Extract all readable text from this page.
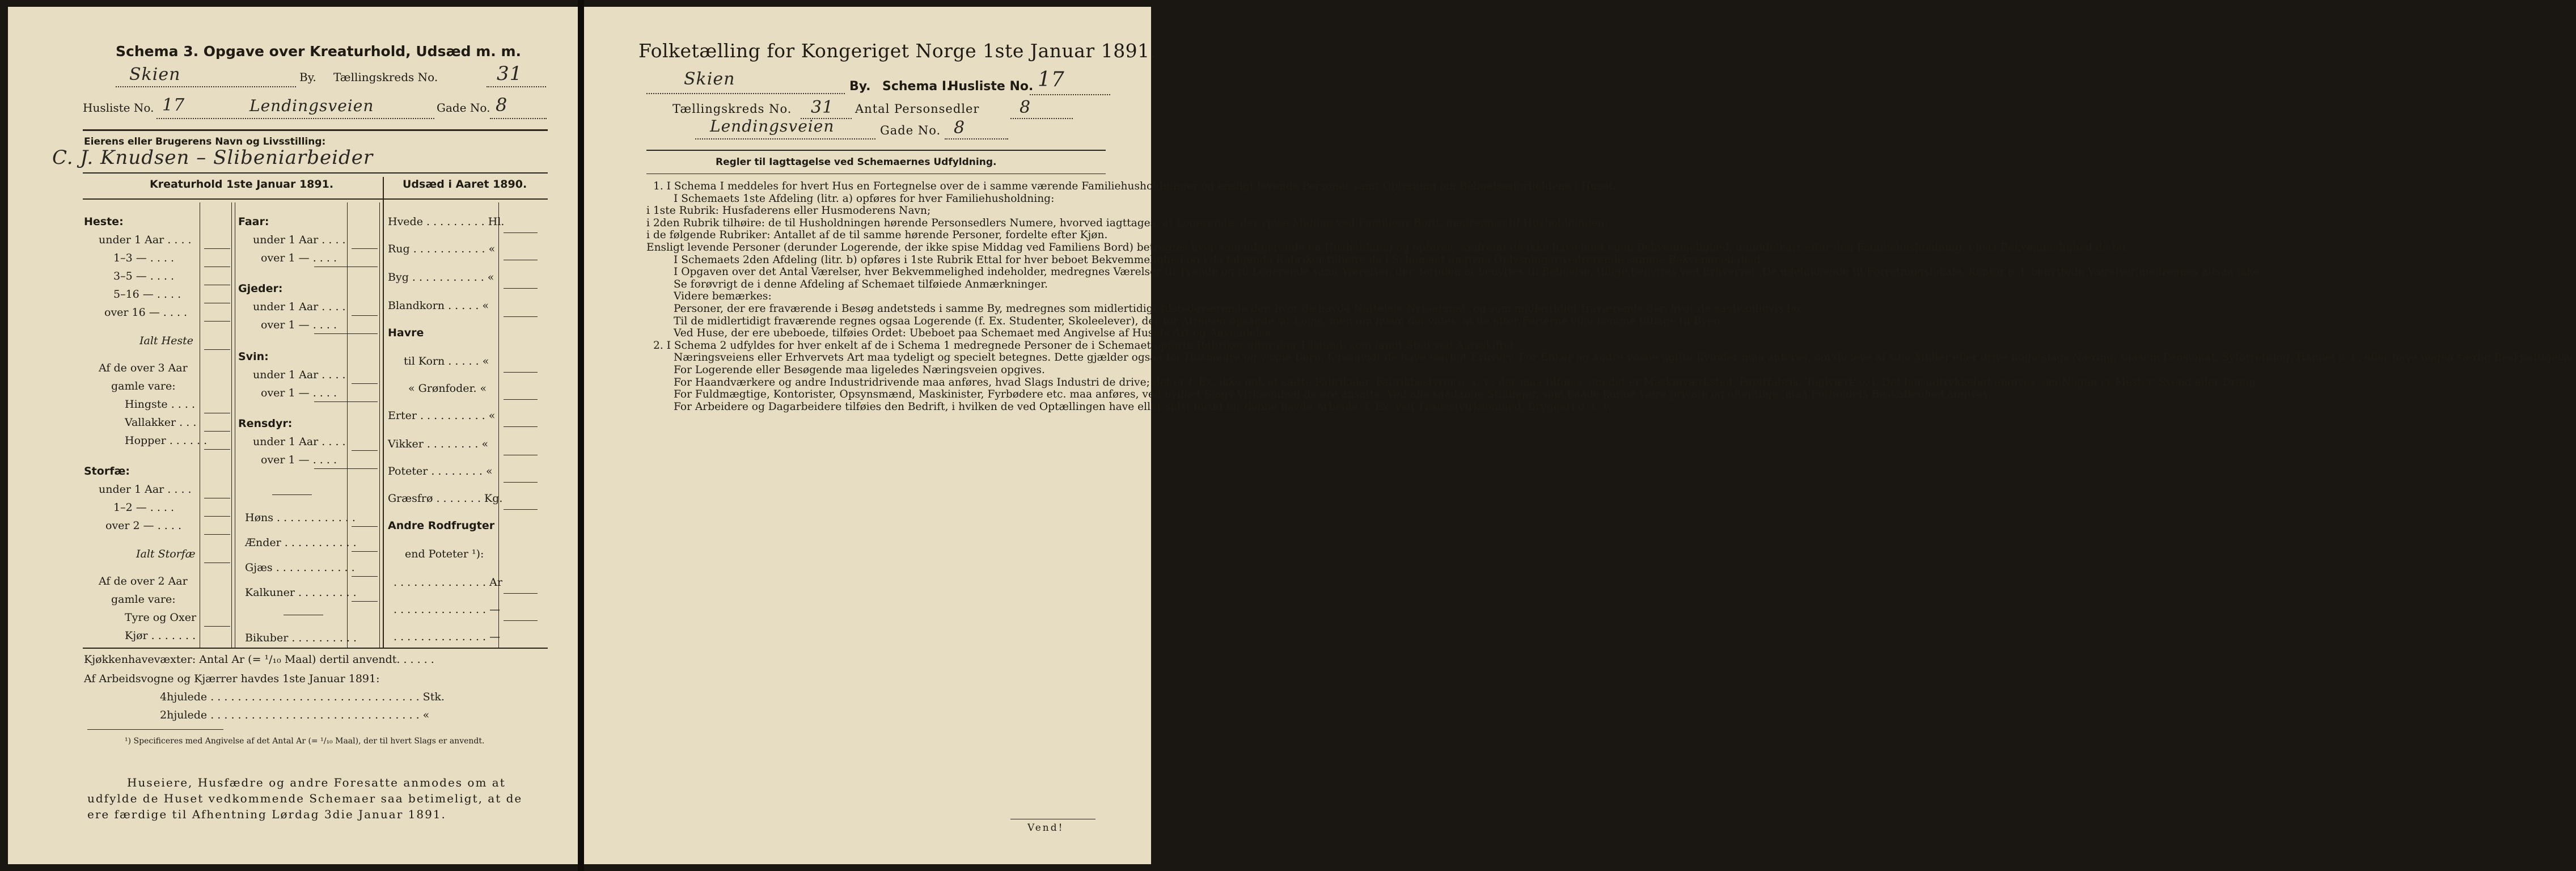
Schema 3. Opgave over Kreaturhold, Udsæd m. m.
Skien	By. Tællingskreds No.	31
Husliste No. 17	Lendingsveien	Gade No. 8
Eierens eller Brugerens Navn og Livsstilling:
C. J. Knudsen – Slibeniarbeider
Kreaturhold 1ste Januar 1891.	Udsæd i Aaret 1890.
Heste:
under 1 Aar . . . .
1–3 — . . . .
3–5 — . . . .
5–16 — . . . .
over 16 — . . . .
Ialt Heste
Af de over 3 Aar
gamle vare:
Hingste . . . .
Vallakker . . .
Hopper . . . . . .
Storfæ:
under 1 Aar . . . .
1–2 — . . . .
over 2 — . . . .
Ialt Storfæ
Af de over 2 Aar
gamle vare:
Tyre og Oxer
Kjør . . . . . . .
Faar:
under 1 Aar . . . .
over 1 — . . . .
Gjeder:
under 1 Aar . . . .
over 1 — . . . .
Svin:
under 1 Aar . . . .
over 1 — . . . .
Rensdyr:
under 1 Aar . . . .
over 1 — . . . .
Høns . . . . . . . . . . . .
Ænder . . . . . . . . . . .
Gjæs . . . . . . . . . . . .
Kalkuner . . . . . . . . .
Bikuber . . . . . . . . . .
Hvede . . . . . . . . . Hl.
Rug . . . . . . . . . . . «
Byg . . . . . . . . . . . «
Blandkorn . . . . . «
Havre
til Korn . . . . . «
« Grønfoder. «
Erter . . . . . . . . . . «
Vikker . . . . . . . . «
Poteter . . . . . . . . «
Græsfrø . . . . . . . Kg.
Andre Rodfrugter
end Poteter ¹):
. . . . . . . . . . . . . . Ar
. . . . . . . . . . . . . . —
. . . . . . . . . . . . . . —
Kjøkkenhavevæxter: Antal Ar (= ¹/₁₀ Maal) dertil anvendt. . . . . .
Af Arbeidsvogne og Kjærrer havdes 1ste Januar 1891:
4hjulede . . . . . . . . . . . . . . . . . . . . . . . . . . . . . . . Stk.
2hjulede . . . . . . . . . . . . . . . . . . . . . . . . . . . . . . . «
¹) Specificeres med Angivelse af det Antal Ar (= ¹/₁₀ Maal), der til hvert Slags er anvendt.
Huseiere, Husfædre og andre Foresatte anmodes om at
udfylde de Huset vedkommende Schemaer saa betimeligt, at de
ere færdige til Afhentning Lørdag 3die Januar 1891.
Folketælling for Kongeriget Norge 1ste Januar 1891.
Skien	By. Schema I.
Husliste No. 17
Tællingskreds No. 31 Antal Personsedler 8
Lendingsveien	Gade No. 8
Regler til Iagttagelse ved Schemaernes Udfyldning.
1. I Schema I meddeles for hvert Hus en Fortegnelse over de i samme værende Familiehusholdninger og ensligt levende Personer samt Oplysning om Beboelsesforholdene i Huset.
I Schemaets 1ste Afdeling (litr. a) opføres for hver Familiehusholdning:
i 1ste Rubrik: Husfaderens eller Husmoderens Navn;
i 2den Rubrik tilhøire: de til Husholdningen hørende Personsedlers Numere, hvorved iagttages, at Logerende, der spise Middag ved Familiens Bord, medregnes til Husholdningen;
i de følgende Rubriker: Antallet af de til samme hørende Personer, fordelte efter Kjøn.
Ensligt levende Personer (derunder Logerende, der ikke spise Middag ved Familiens Bord) betragtes hver som udgjørende en Husholdning og opføres, saafremt de ikke have leiet egen Bekvemmelighed, umiddelbart efter den Familiehusholdning, i hvis Bekvemmelighed de bo.
I Schemaets 2den Afdeling (litr. b) opføres i 1ste Rubrik Ettal for hver beboet Bekvemmelighed og i de følgende Rubriker tilhøire de i Schemaet angivne Oplysninger vedrørende samme Bekvemmelighed.
I Opgaven over det Antal Værelser, hver Bekvemmelighed indeholder, medregnes Værelser til Tyende og til Logerende samt Værelser, der, foruden at benyttes til Beboelse, tillige benyttes ved Erhvervet. De udelukkende til Forretningslokale, Kontor o. l. benyttede Værelser medregnes altsaa ikke.
Se forøvrigt de i denne Afdeling af Schemaet tilføiede Anmærkninger.
Videre bemærkes:
Personer, der ere fraværende i Besøg andetsteds i samme By, medregnes som midlertidigt tilstedeværende der, hvor de havde Natteleie Nytaarsnat, og som midlertidigt fraværende der, hvor de sædvanligvis bo.
Til de midlertidigt fraværende regnes ogsaa Logerende (f. Ex. Studenter, Skoleelever), der før Afreisen opsagde sit Logis, men om hvem det vides, at de efter Ferierne ville komme tilbage til Byen.
Ved Huse, der ere ubeboede, tilføies Ordet: Ubeboet paa Schemaet med Angivelse af Husets Art og Anvendelse.
2. I Schema 2 udfyldes for hver enkelt af de i Schema 1 medregnede Personer de i Schemaet opførte Rubriker efter den Tilstand, som fandt Sted ved Aarsskiftet.
Næringsveiens eller Erhvervets Art maa tydeligt og specielt betegnes. Dette gjælder ogsaa for Husmødre og voxne Børn, forsaavidt de have særligt Erhverv. For Enker og andre voxne ugifte Kvinder maa anføres, om de leve af sine Midler eller drive nogetslags Næring, saasom Pensionat, Syforretning, Handel o. l., eller have nogen særlig Beskjæftigelse.
For Logerende eller Besøgende maa ligeledes Næringsveien opgives.
For Haandværkere og andre Industridrivende maa anføres, hvad Slags Industri de drive; det er f. Ex. ikke nok at sætte Fabrikeier, Fabrikbestyrer o. s. v.; der maa tilføies, om det er Maskinværksted, Papirfabrik, Teglværk o. l. Det bør udtrykkeligt angives, om Nogen er Mester, Svend eller Dreng.
For Fuldmægtige, Kontorister, Opsynsmænd, Maskinister, Fyrbødere etc. maa anføres, ved hvilket Slags Virksomhed de ere ansatte. Ved alle saadanne Stillinger, som baade kunne være private og offentlige, maa Forholdets Beskaffenhed angives.
For Arbeidere og Dagarbeidere tilføies den Bedrift, i hvilken de ved Optællingen have eller sidst forud for denne havde Arbeide, f. Ex. ved Trælastvirksomhed, Bryggeri o. s. v.
Vend!
